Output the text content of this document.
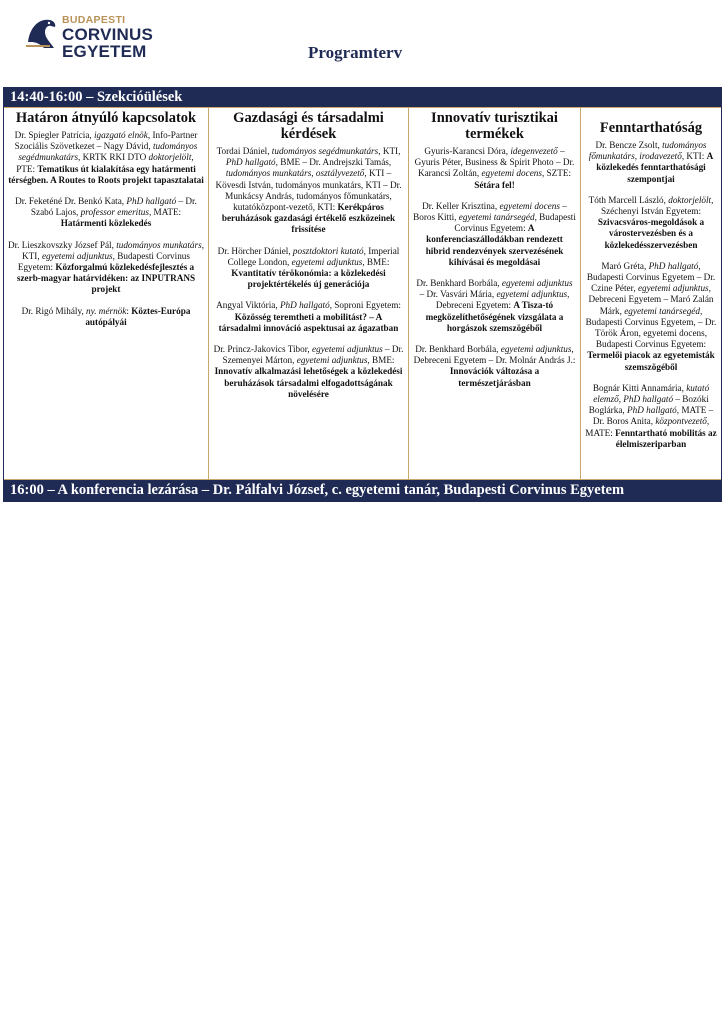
BUDAPESTI
CORVINUS
EGYETEM	Programterv
14:40-16:00 – Szekcióülések
Határon átnyúló kapcsolatok

Dr. Spiegler Patrícia, igazgató elnök, Info-Partner Szociális Szövetkezet – Nagy Dávid, tudományos segédmunkatárs, KRTK RKI DTO doktorjelölt, PTE: Tematikus út kialakítása egy határmenti térségben. A Routes to Roots projekt tapasztalatai

Dr. Feketéné Dr. Benkó Kata, PhD hallgató – Dr. Szabó Lajos, professor emeritus, MATE: Határmenti közlekedés

Dr. Lieszkovszky József Pál, tudományos munkatárs, KTI, egyetemi adjunktus, Budapesti Corvinus Egyetem: Közforgalmú közlekedésfejlesztés a szerb-magyar határvidéken: az INPUTRANS projekt

Dr. Rigó Mihály, ny. mérnök: Köztes-Európa autópályái

Gazdasági és társadalmi kérdések

Tordai Dániel, tudományos segédmunkatárs, KTI, PhD hallgató, BME – Dr. Andrejszki Tamás, tudományos munkatárs, osztályvezető, KTI – Kövesdi István, tudományos munkatárs, KTI – Dr. Munkácsy András, tudományos főmunkatárs, kutatóközpont-vezető, KTI: Kerékpáros beruházások gazdasági értékelő eszközeinek frissítése

Dr. Hörcher Dániel, posztdoktori kutató, Imperial College London, egyetemi adjunktus, BME: Kvantitatív térökonómia: a közlekedési projektértékelés új generációja

Angyal Viktória, PhD hallgató, Soproni Egyetem: Közösség teremtheti a mobilitást? – A társadalmi innováció aspektusai az ágazatban

Dr. Princz-Jakovics Tibor, egyetemi adjunktus – Dr. Szemenyei Márton, egyetemi adjunktus, BME: Innovatív alkalmazási lehetőségek a közlekedési beruházások társadalmi elfogadottságának növelésére

Innovatív turisztikai termékek

Gyuris-Karancsi Dóra, idegenvezető – Gyuris Péter, Business & Spirit Photo – Dr. Karancsi Zoltán, egyetemi docens, SZTE: Sétára fel!

Dr. Keller Krisztina, egyetemi docens – Boros Kitti, egyetemi tanársegéd, Budapesti Corvinus Egyetem: A konferenciaszállodákban rendezett hibrid rendezvények szervezésének kihívásai és megoldásai

Dr. Benkhard Borbála, egyetemi adjunktus – Dr. Vasvári Mária, egyetemi adjunktus, Debreceni Egyetem: A Tisza-tó megközelíthetőségének vizsgálata a horgászok szemszögéből

Dr. Benkhard Borbála, egyetemi adjunktus, Debreceni Egyetem – Dr. Molnár András J.: Innovációk változása a természetjárásban

Fenntarthatóság

Dr. Bencze Zsolt, tudományos főmunkatárs, irodavezető, KTI: A közlekedés fenntarthatósági szempontjai

Tóth Marcell László, doktorjelölt, Széchenyi István Egyetem: Szivacsváros-megoldások a várostervezésben és a közlekedésszervezésben

Maró Gréta, PhD hallgató, Budapesti Corvinus Egyetem – Dr. Czine Péter, egyetemi adjunktus, Debreceni Egyetem – Maró Zalán Márk, egyetemi tanársegéd, Budapesti Corvinus Egyetem, – Dr. Török Áron, egyetemi docens, Budapesti Corvinus Egyetem: Termelői piacok az egyetemisták szemszögéből

Bognár Kitti Annamária, kutató elemző, PhD hallgató – Bozóki Boglárka, PhD hallgató, MATE – Dr. Boros Anita, központvezető, MATE: Fenntartható mobilitás az élelmiszeriparban

16:00 – A konferencia lezárása – Dr. Pálfalvi József, c. egyetemi tanár, Budapesti Corvinus Egyetem
